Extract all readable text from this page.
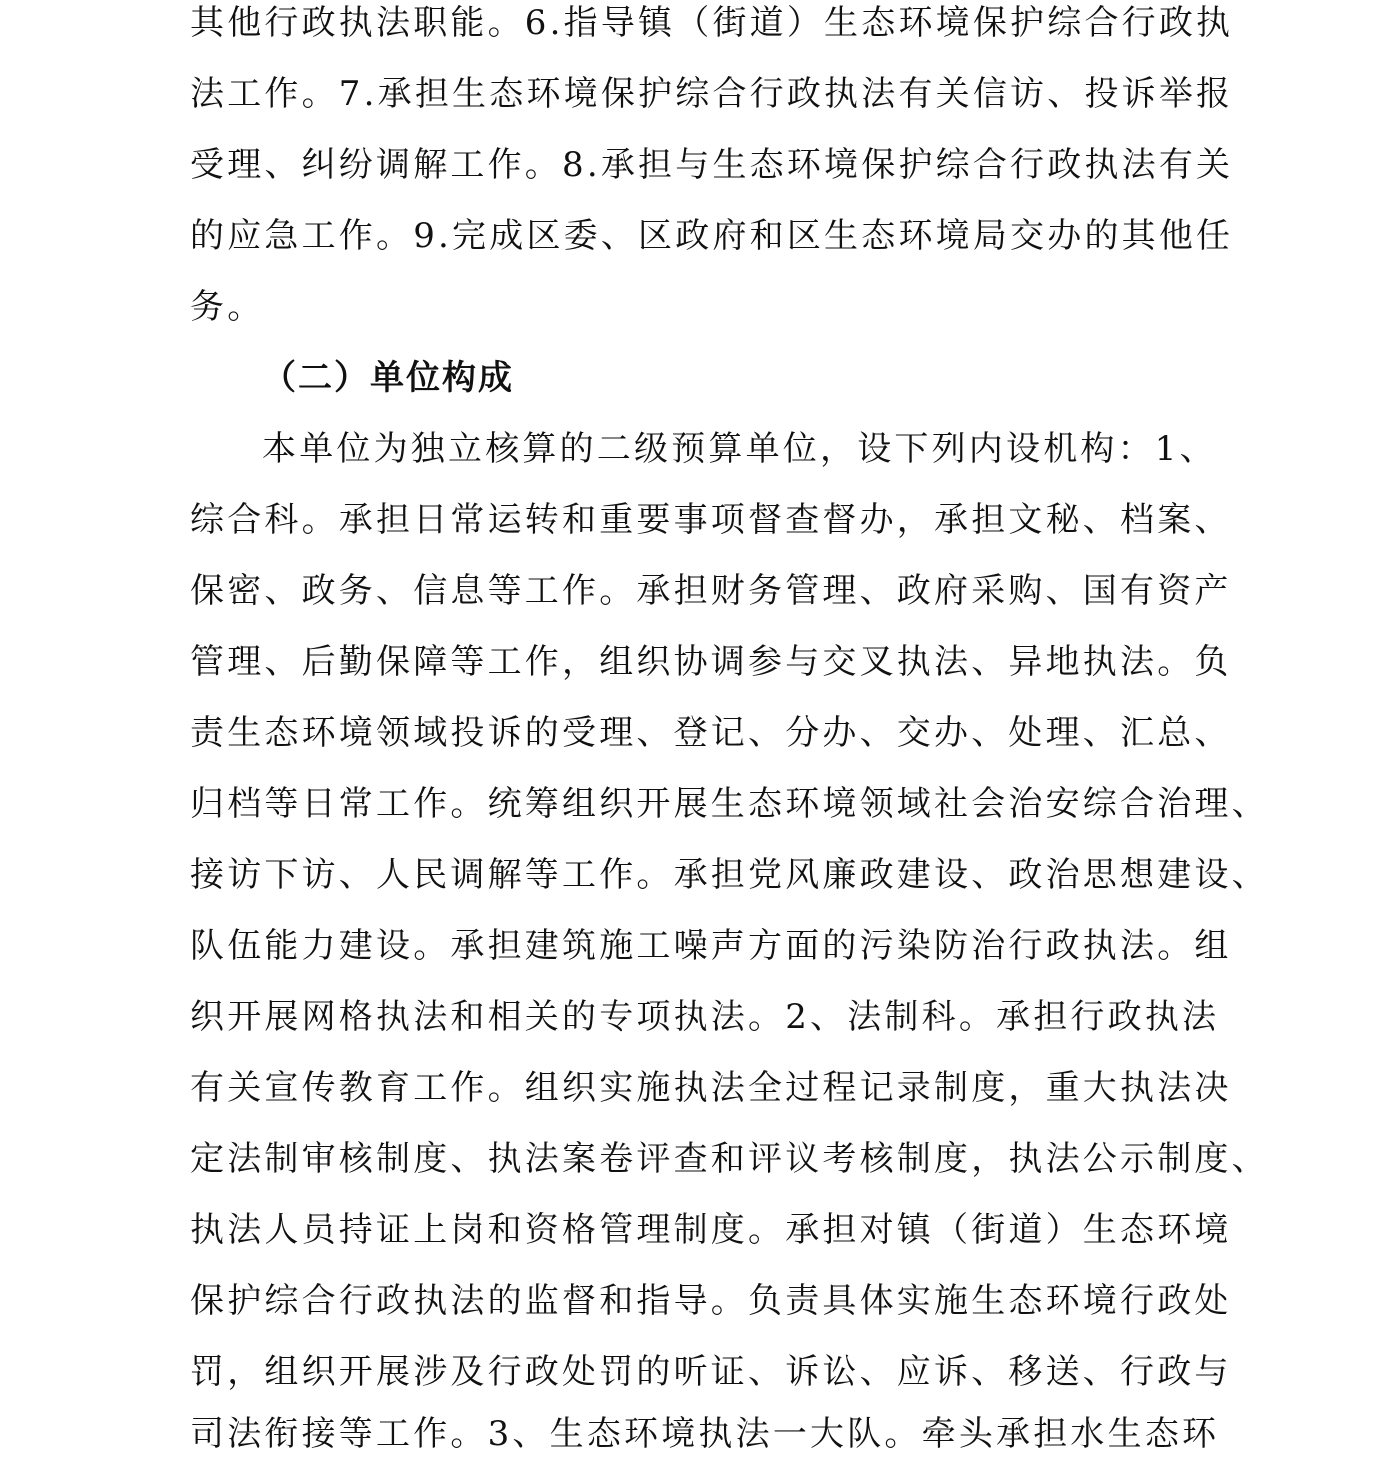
其他行政执法职能。6.指导镇（街道）生态环境保护综合行政执
法工作。7.承担生态环境保护综合行政执法有关信访、投诉举报
受理、纠纷调解工作。8.承担与生态环境保护综合行政执法有关
的应急工作。9.完成区委、区政府和区生态环境局交办的其他任
务。
（二）单位构成
本单位为独立核算的二级预算单位，设下列内设机构：1、
综合科。承担日常运转和重要事项督查督办，承担文秘、档案、
保密、政务、信息等工作。承担财务管理、政府采购、国有资产
管理、后勤保障等工作，组织协调参与交叉执法、异地执法。负
责生态环境领域投诉的受理、登记、分办、交办、处理、汇总、
归档等日常工作。统筹组织开展生态环境领域社会治安综合治理、
接访下访、人民调解等工作。承担党风廉政建设、政治思想建设、
队伍能力建设。承担建筑施工噪声方面的污染防治行政执法。组
织开展网格执法和相关的专项执法。2、法制科。承担行政执法
有关宣传教育工作。组织实施执法全过程记录制度，重大执法决
定法制审核制度、执法案卷评查和评议考核制度，执法公示制度、
执法人员持证上岗和资格管理制度。承担对镇（街道）生态环境
保护综合行政执法的监督和指导。负责具体实施生态环境行政处
罚，组织开展涉及行政处罚的听证、诉讼、应诉、移送、行政与
司法衔接等工作。3、生态环境执法一大队。牵头承担水生态环
